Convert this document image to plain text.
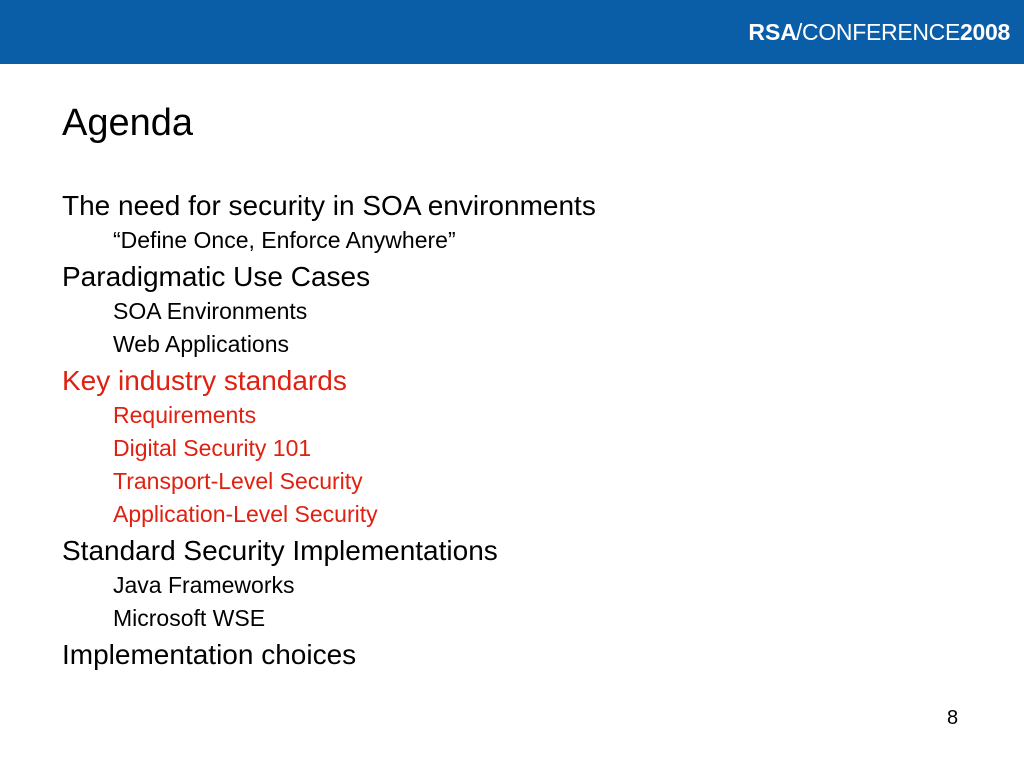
RSA / CONFERENCE 2008
Agenda
The need for security in SOA environments
“Define Once, Enforce Anywhere”
Paradigmatic Use Cases
SOA Environments
Web Applications
Key industry standards
Requirements
Digital Security 101
Transport-Level Security
Application-Level Security
Standard Security Implementations
Java Frameworks
Microsoft WSE
Implementation choices
8
